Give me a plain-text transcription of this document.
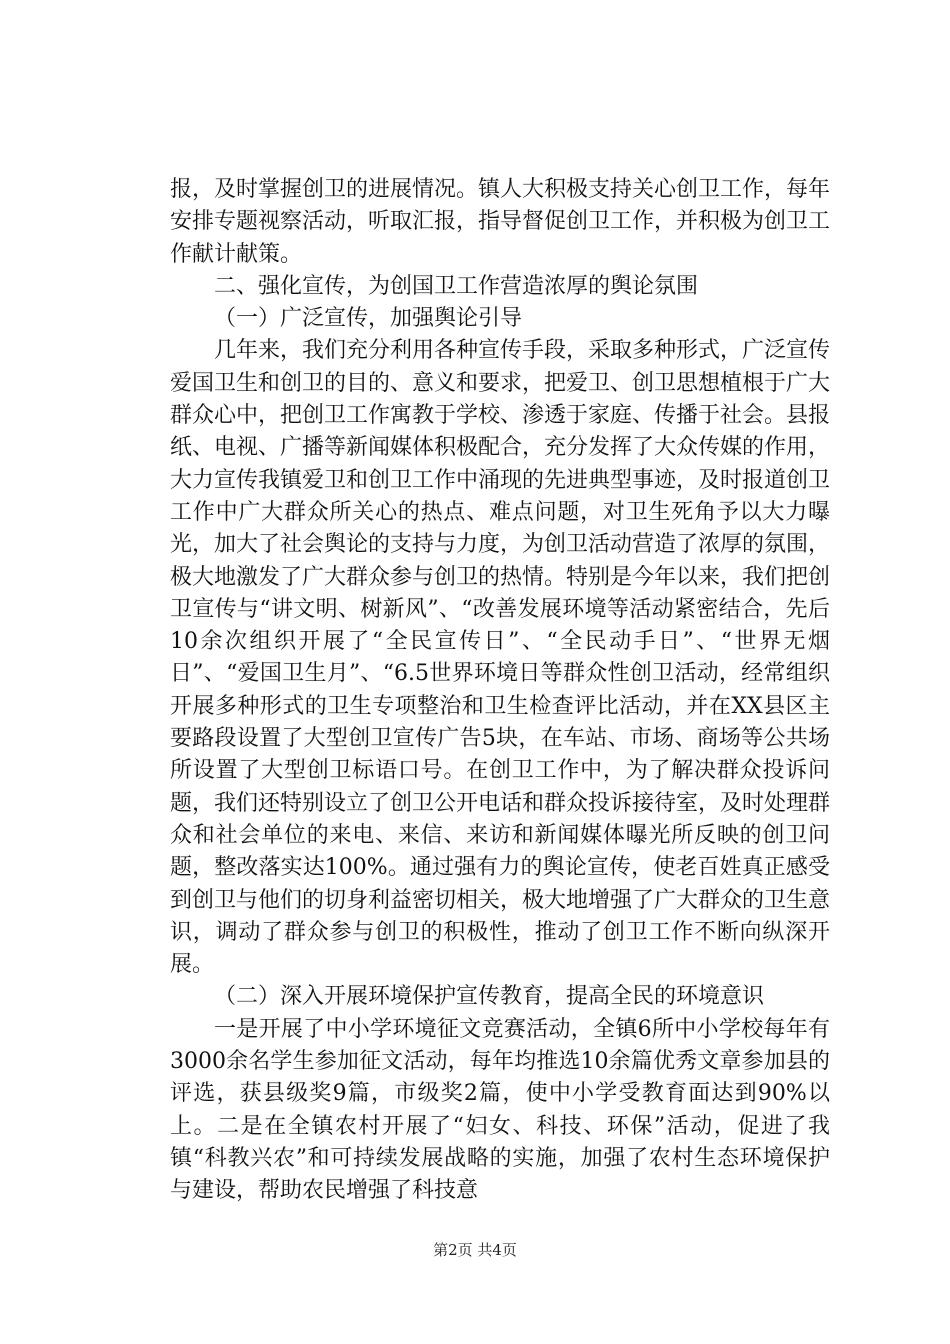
报，及时掌握创卫的进展情况。镇人大积极支持关心创卫工作，每年安排专题视察活动，听取汇报，指导督促创卫工作，并积极为创卫工作献计献策。

二、强化宣传，为创国卫工作营造浓厚的舆论氛围

（一）广泛宣传，加强舆论引导

几年来，我们充分利用各种宣传手段，采取多种形式，广泛宣传爱国卫生和创卫的目的、意义和要求，把爱卫、创卫思想植根于广大群众心中，把创卫工作寓教于学校、渗透于家庭、传播于社会。县报纸、电视、广播等新闻媒体积极配合，充分发挥了大众传媒的作用，大力宣传我镇爱卫和创卫工作中涌现的先进典型事迹，及时报道创卫工作中广大群众所关心的热点、难点问题，对卫生死角予以大力曝光，加大了社会舆论的支持与力度，为创卫活动营造了浓厚的氛围，极大地激发了广大群众参与创卫的热情。特别是今年以来，我们把创卫宣传与“讲文明、树新风”、“改善发展环境等活动紧密结合，先后10余次组织开展了“全民宣传日”、“全民动手日”、“世界无烟日”、“爱国卫生月”、“6.5世界环境日等群众性创卫活动，经常组织开展多种形式的卫生专项整治和卫生检查评比活动，并在XX县区主要路段设置了大型创卫宣传广告5块，在车站、市场、商场等公共场所设置了大型创卫标语口号。在创卫工作中，为了解决群众投诉问题，我们还特别设立了创卫公开电话和群众投诉接待室，及时处理群众和社会单位的来电、来信、来访和新闻媒体曝光所反映的创卫问题，整改落实达100%。通过强有力的舆论宣传，使老百姓真正感受到创卫与他们的切身利益密切相关，极大地增强了广大群众的卫生意识，调动了群众参与创卫的积极性，推动了创卫工作不断向纵深开展。

（二）深入开展环境保护宣传教育，提高全民的环境意识

一是开展了中小学环境征文竞赛活动，全镇6所中小学校每年有3000余名学生参加征文活动，每年均推选10余篇优秀文章参加县的评选，获县级奖9篇，市级奖2篇，使中小学受教育面达到90%以上。二是在全镇农村开展了“妇女、科技、环保”活动，促进了我镇“科教兴农”和可持续发展战略的实施，加强了农村生态环境保护与建设，帮助农民增强了科技意

第2页 共4页
